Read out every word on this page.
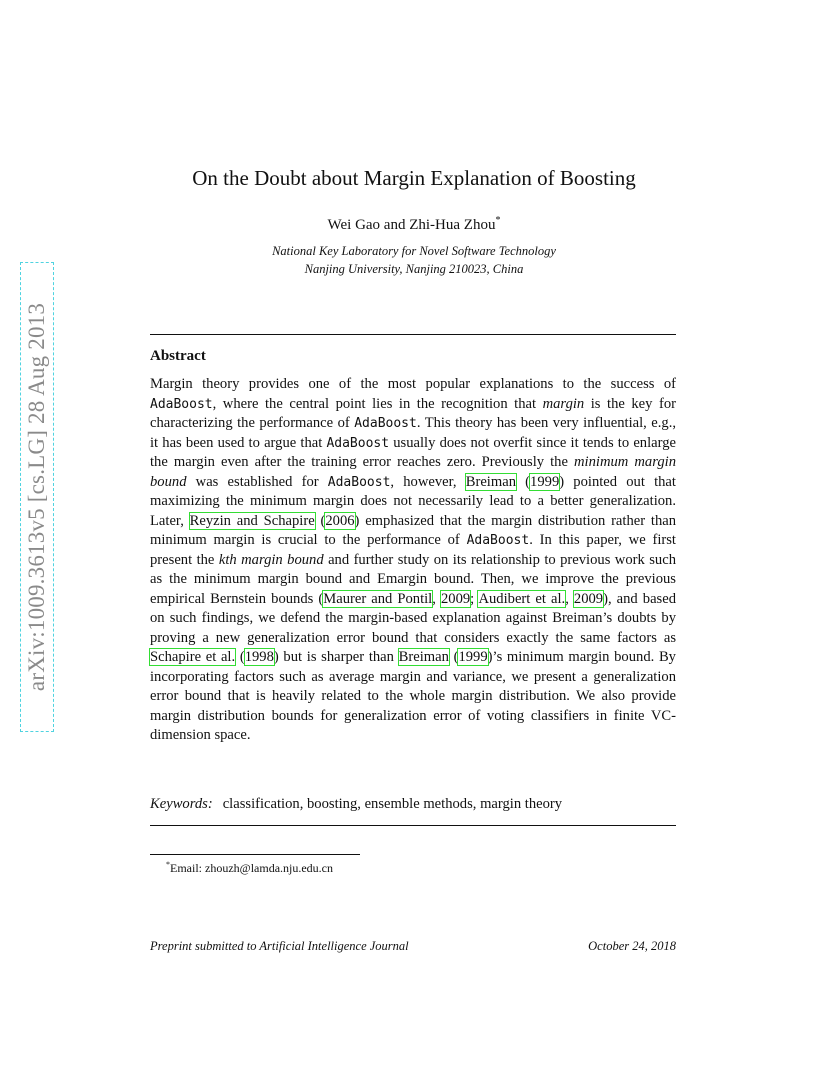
arXiv:1009.3613v5 [cs.LG] 28 Aug 2013
On the Doubt about Margin Explanation of Boosting
Wei Gao and Zhi-Hua Zhou*
National Key Laboratory for Novel Software Technology
Nanjing University, Nanjing 210023, China
Abstract
Margin theory provides one of the most popular explanations to the success of AdaBoost, where the central point lies in the recognition that margin is the key for characterizing the performance of AdaBoost. This theory has been very influential, e.g., it has been used to argue that AdaBoost usually does not overfit since it tends to enlarge the margin even after the training error reaches zero. Previously the minimum margin bound was established for AdaBoost, however, Breiman (1999) pointed out that maximizing the minimum margin does not necessarily lead to a better generalization. Later, Reyzin and Schapire (2006) emphasized that the margin distribution rather than minimum margin is crucial to the performance of AdaBoost. In this paper, we first present the kth margin bound and further study on its relationship to previous work such as the minimum margin bound and Emargin bound. Then, we improve the previous empirical Bernstein bounds (Maurer and Pontil, 2009; Audibert et al., 2009), and based on such findings, we defend the margin-based explanation against Breiman’s doubts by proving a new generalization error bound that considers exactly the same factors as Schapire et al. (1998) but is sharper than Breiman (1999)’s minimum margin bound. By incorporating factors such as average margin and variance, we present a generalization error bound that is heavily related to the whole margin distribution. We also provide margin distribution bounds for generalization error of voting classifiers in finite VC-dimension space.
Keywords: classification, boosting, ensemble methods, margin theory
*Email: zhouzh@lamda.nju.edu.cn
Preprint submitted to Artificial Intelligence Journal	October 24, 2018
